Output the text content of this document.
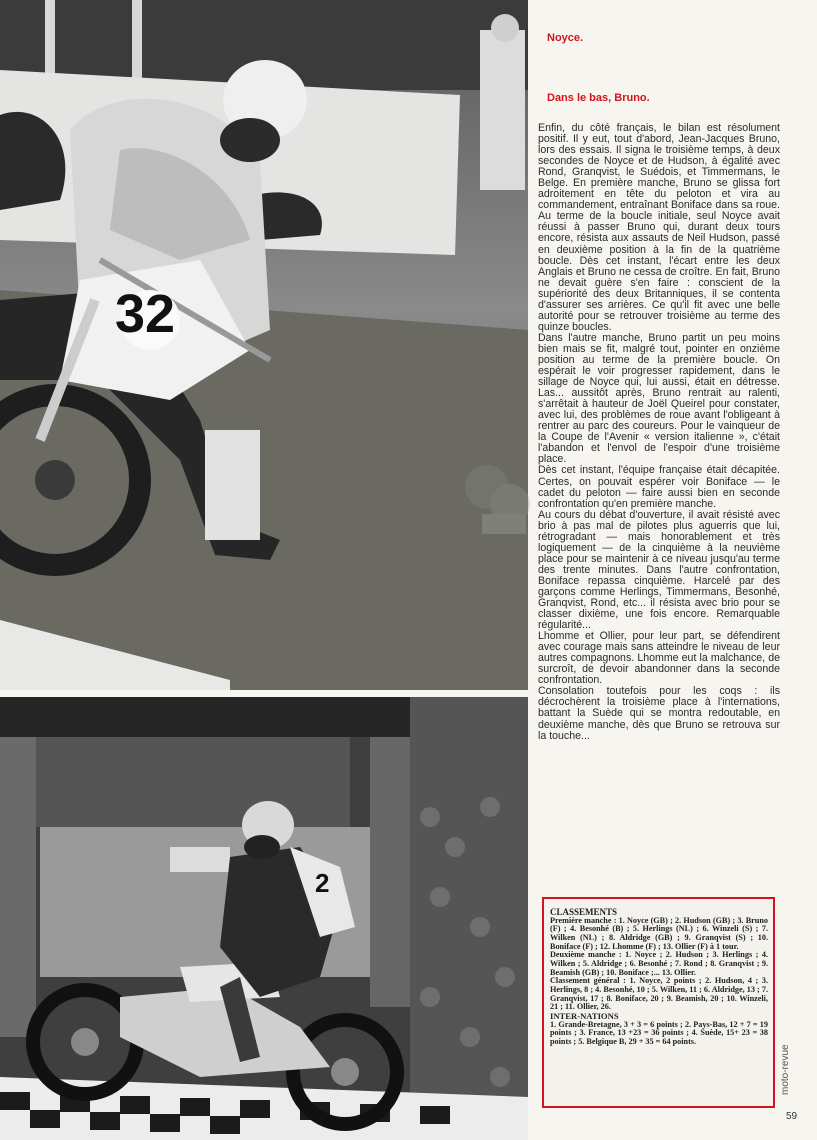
32
2
Noyce.
Dans le bas, Bruno.

Enfin, du côté français, le bilan est résolument positif. Il y eut, tout d'abord, Jean-Jacques Bruno, lors des essais. Il signa le troisième temps, à deux secondes de Noyce et de Hudson, à égalité avec Rond, Granqvist, le Suédois, et Timmermans, le Belge. En première manche, Bruno se glissa fort adroitement en tête du peloton et vira au commandement, entraînant Boniface dans sa roue. Au terme de la boucle initiale, seul Noyce avait réussi à passer Bruno qui, durant deux tours encore, résista aux assauts de Neil Hudson, passé en deuxième position à la fin de la quatrième boucle. Dès cet instant, l'écart entre les deux Anglais et Bruno ne cessa de croître. En fait, Bruno ne devait guère s'en faire : conscient de la supériorité des deux Britanniques, il se contenta d'assurer ses arrières. Ce qu'il fit avec une belle autorité pour se retrouver troisième au terme des quinze boucles.

Dans l'autre manche, Bruno partit un peu moins bien mais se fit, malgré tout, pointer en onzième position au terme de la première boucle. On espérait le voir progresser rapidement, dans le sillage de Noyce qui, lui aussi, était en détresse. Las... aussitôt après, Bruno rentrait au ralenti, s'arrêtait à hauteur de Joël Queirel pour constater, avec lui, des problèmes de roue avant l'obligeant à rentrer au parc des coureurs. Pour le vainqueur de la Coupe de l'Avenir « version italienne », c'était l'abandon et l'envol de l'espoir d'une troisième place.

Dès cet instant, l'équipe française était décapitée. Certes, on pouvait espérer voir Boniface — le cadet du peloton — faire aussi bien en seconde confrontation qu'en première manche.

Au cours du débat d'ouverture, il avait résisté avec brio à pas mal de pilotes plus aguerris que lui, rétrogradant — mais honorablement et très logiquement — de la cinquième à la neuvième place pour se maintenir à ce niveau jusqu'au terme des trente minutes. Dans l'autre confrontation, Boniface repassa cinquième. Harcelé par des garçons comme Herlings, Timmermans, Besonhé, Granqvist, Rond, etc... il résista avec brio pour se classer dixième, une fois encore. Remarquable régularité...

Lhomme et Ollier, pour leur part, se défendirent avec courage mais sans atteindre le niveau de leur autres compagnons. Lhomme eut la malchance, de surcroît, de devoir abandonner dans la seconde confrontation.

Consolation toutefois pour les coqs : ils décrochèrent la troisième place à l'internations, battant la Suède qui se montra redoutable, en deuxième manche, dès que Bruno se retrouva sur la touche...

CLASSEMENTS

Première manche : 1. Noyce (GB) ; 2. Hudson (GB) ; 3. Bruno (F) ; 4. Besonhé (B) ; 5. Herlings (NL) ; 6. Winzeli (S) ; 7. Wilken (NL) ; 8. Aldridge (GB) ; 9. Granqvist (S) ; 10. Boniface (F) ; 12. Lhomme (F) ; 13. Ollier (F) à 1 tour.

Deuxième manche : 1. Noyce ; 2. Hudson ; 3. Herlings ; 4. Wilken ; 5. Aldridge ; 6. Besonhé ; 7. Rond ; 8. Granqvist ; 9. Beamish (GB) ; 10. Boniface ;... 13. Ollier.

Classement général : 1. Noyce, 2 points ; 2. Hudson, 4 ; 3. Herlings, 8 ; 4. Besonhé, 10 ; 5. Wilken, 11 ; 6. Aldridge, 13 ; 7. Granqvist, 17 ; 8. Boniface, 20 ; 9. Beamish, 20 ; 10. Winzeli, 21 ; 11. Ollier, 26.

INTER-NATIONS

1. Grande-Bretagne, 3 + 3 = 6 points ; 2. Pays-Bas, 12 + 7 = 19 points ; 3. France, 13 +23 = 36 points ; 4. Suède, 15+ 23 = 38 points ; 5. Belgique B, 29 + 35 = 64 points.

moto-revue
59
